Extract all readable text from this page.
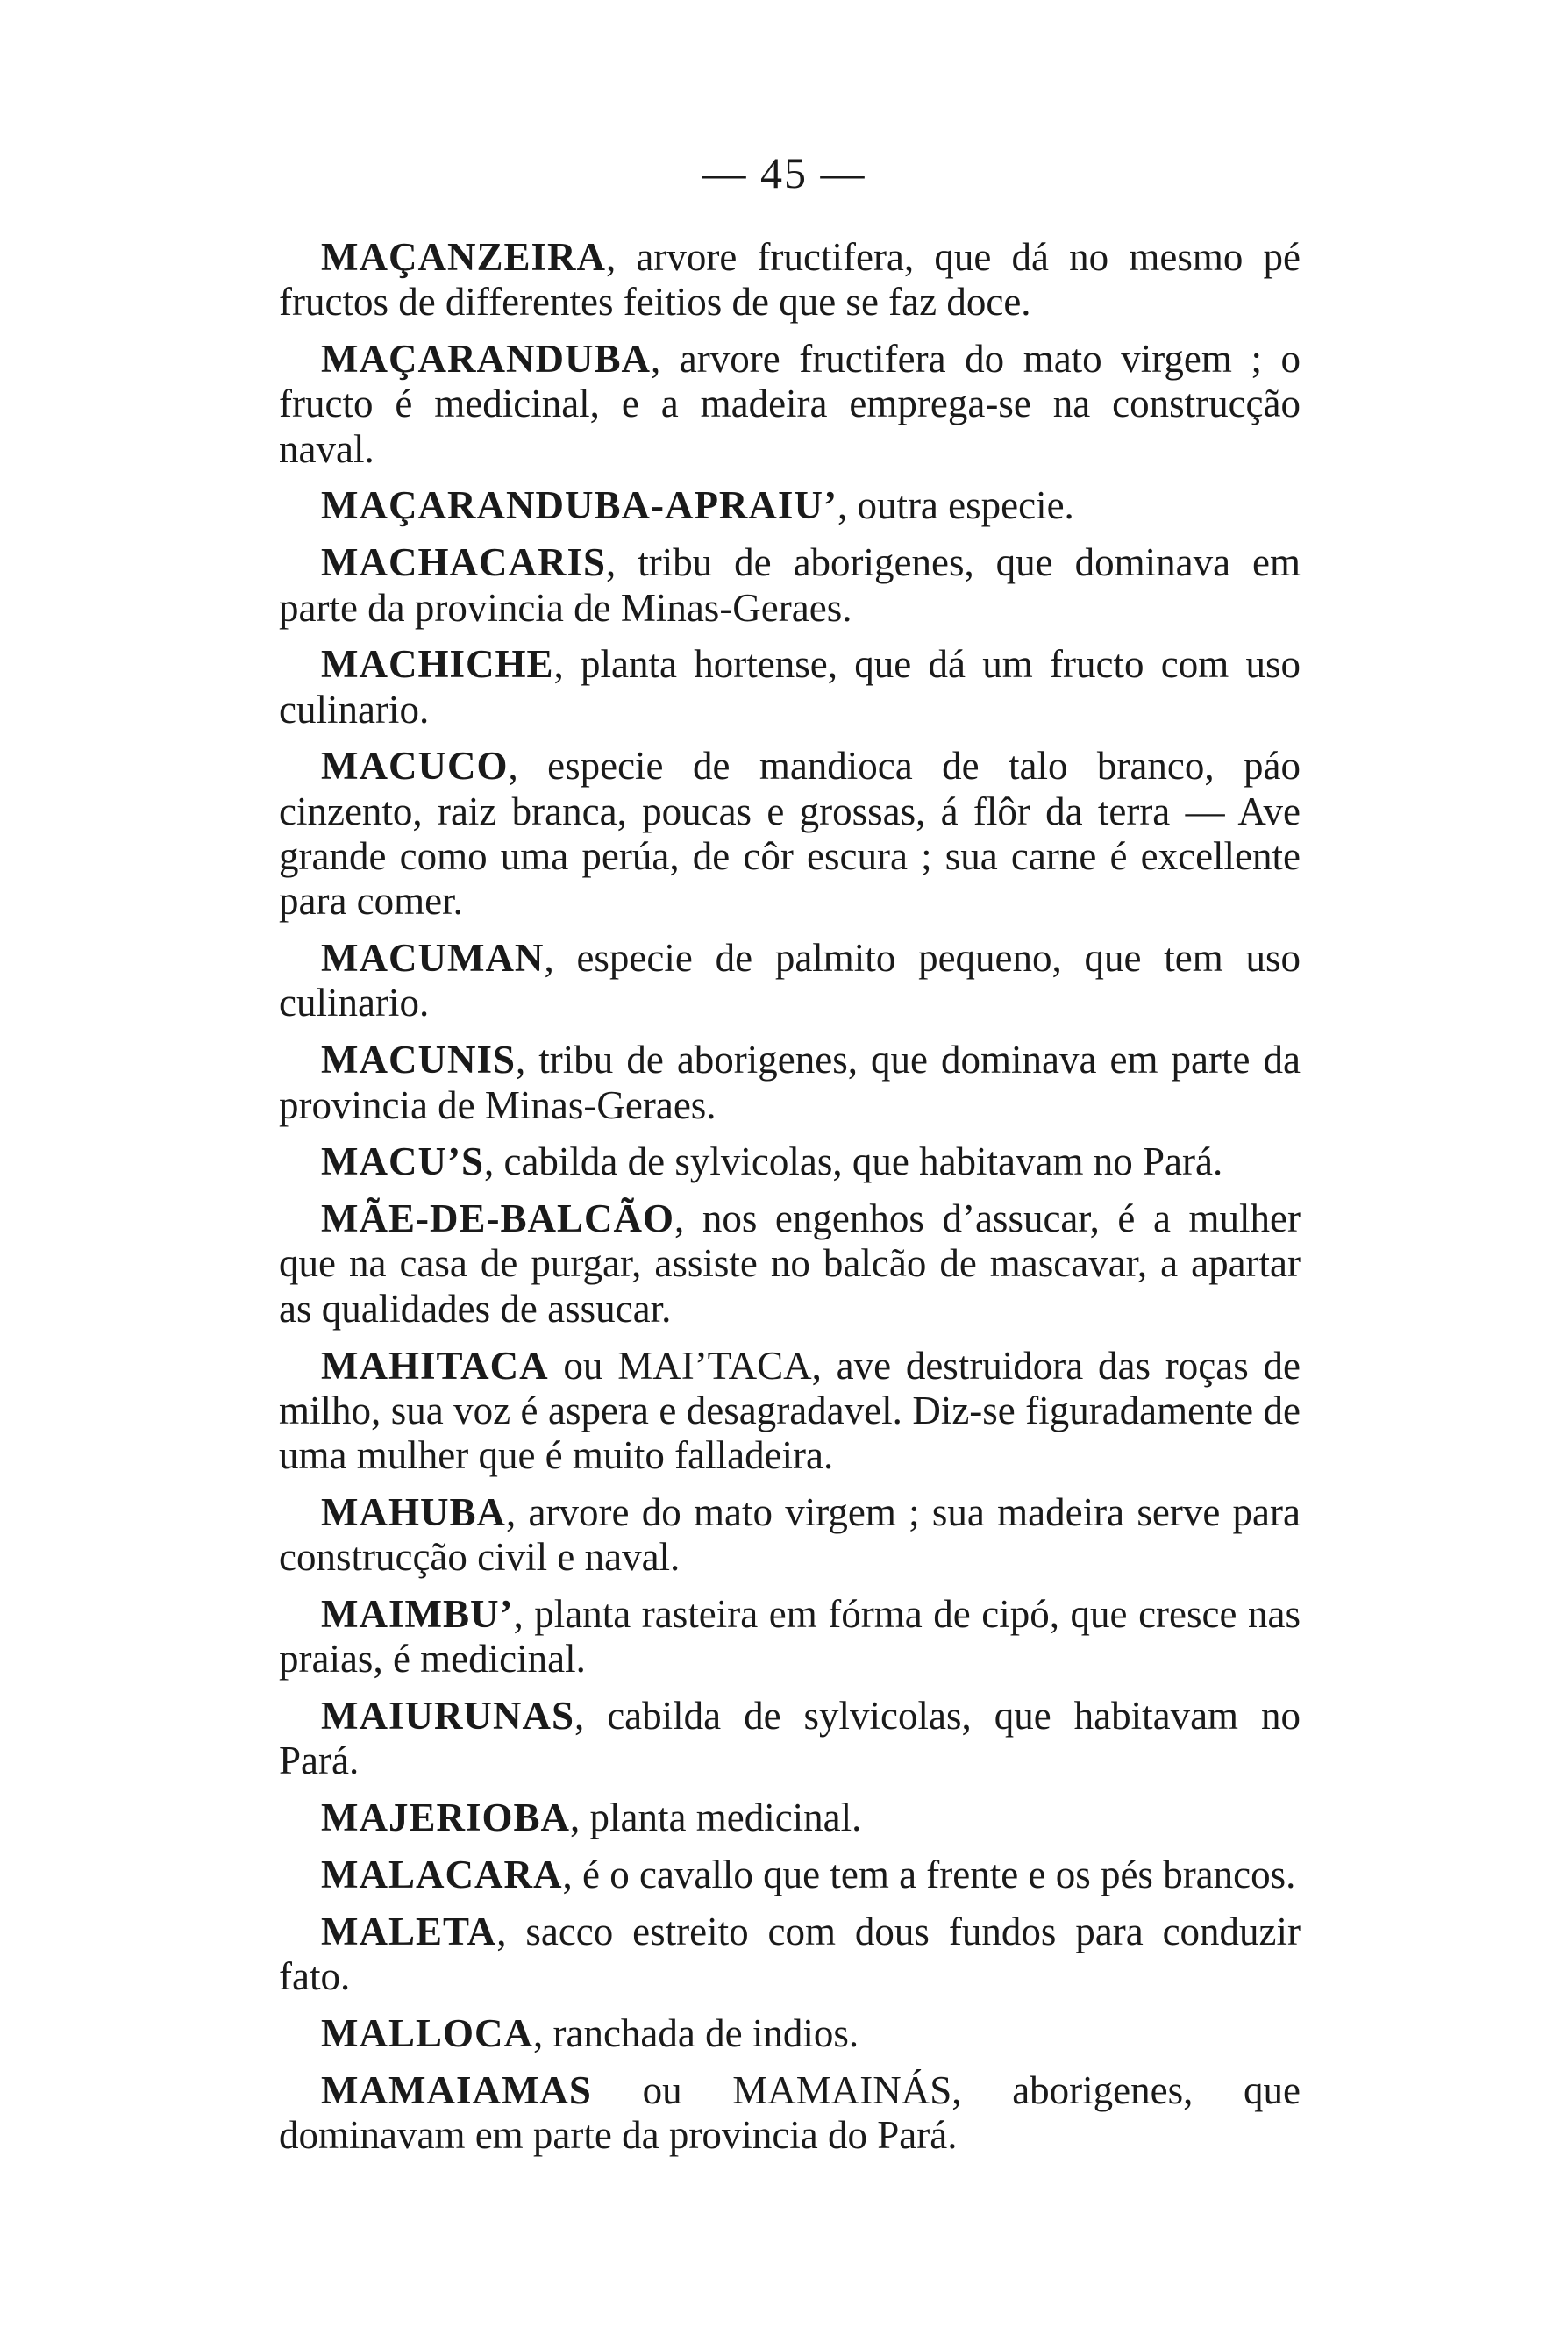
— 45 —

MAÇANZEIRA, arvore fructifera, que dá no mesmo pé fructos de differentes feitios de que se faz doce.

MAÇARANDUBA, arvore fructifera do mato virgem ; o fructo é medicinal, e a madeira emprega-se na construcção naval.

MAÇARANDUBA-APRAIU’, outra especie.

MACHACARIS, tribu de aborigenes, que dominava em parte da provincia de Minas-Geraes.

MACHICHE, planta hortense, que dá um fructo com uso culinario.

MACUCO, especie de mandioca de talo branco, páo cinzento, raiz branca, poucas e grossas, á flôr da terra — Ave grande como uma perúa, de côr escura ; sua carne é excellente para comer.

MACUMAN, especie de palmito pequeno, que tem uso culinario.

MACUNIS, tribu de aborigenes, que dominava em parte da provincia de Minas-Geraes.

MACU’S, cabilda de sylvicolas, que habitavam no Pará.

MÃE-DE-BALCÃO, nos engenhos d’assucar, é a mulher que na casa de purgar, assiste no balcão de mascavar, a apartar as qualidades de assucar.

MAHITACA ou MAI’TACA, ave destruidora das roças de milho, sua voz é aspera e desagradavel. Diz-se figuradamente de uma mulher que é muito falladeira.

MAHUBA, arvore do mato virgem ; sua madeira serve para construcção civil e naval.

MAIMBU’, planta rasteira em fórma de cipó, que cresce nas praias, é medicinal.

MAIURUNAS, cabilda de sylvicolas, que habitavam no Pará.

MAJERIOBA, planta medicinal.

MALACARA, é o cavallo que tem a frente e os pés brancos.

MALETA, sacco estreito com dous fundos para conduzir fato.

MALLOCA, ranchada de indios.

MAMAIAMAS ou MAMAINÁS, aborigenes, que dominavam em parte da provincia do Pará.
